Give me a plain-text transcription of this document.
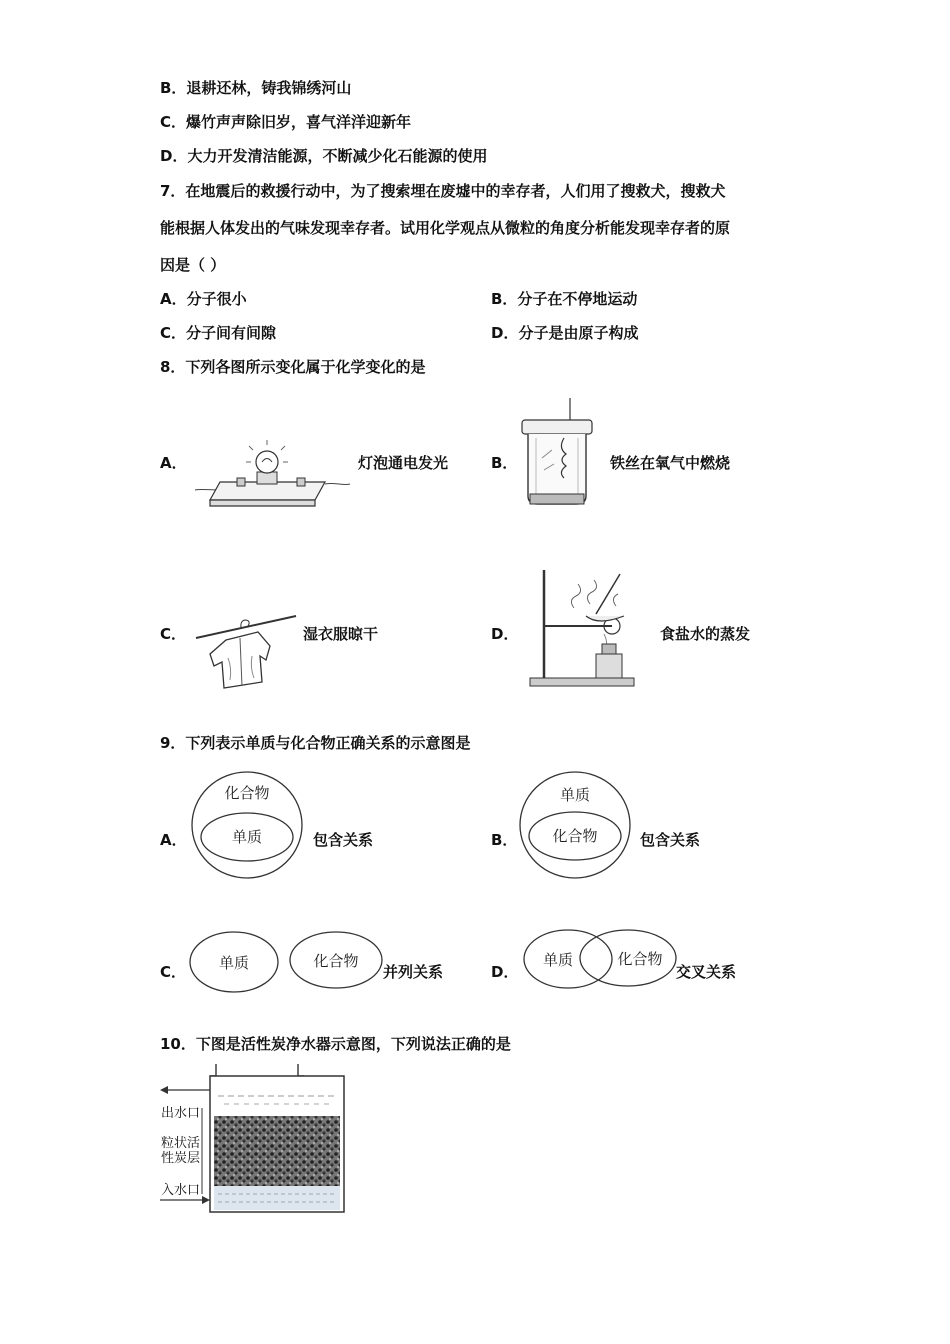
B．退耕还林，铸我锦绣河山
C．爆竹声声除旧岁，喜气洋洋迎新年
D．大力开发清洁能源，不断减少化石能源的使用
7．在地震后的救援行动中，为了搜索埋在废墟中的幸存者，人们用了搜救犬，搜救犬
能根据人体发出的气味发现幸存者。试用化学观点从微粒的角度分析能发现幸存者的原
因是（ ）
A．分子很小	B．分子在不停地运动
C．分子间有间隙	D．分子是由原子构成
8．下列各图所示变化属于化学变化的是
A．	灯泡通电发光	B．	铁丝在氧气中燃烧
C．	湿衣服晾干	D．	食盐水的蒸发
9．下列表示单质与化合物正确关系的示意图是
A．
化合物
单质	包含关系	B．
单质
化合物	包含关系
C． 单质	化合物
并列关系	D．
单质	化合物
交叉关系
10．下图是活性炭净水器示意图，下列说法正确的是
出水口
粒状活
性炭层
入水口
